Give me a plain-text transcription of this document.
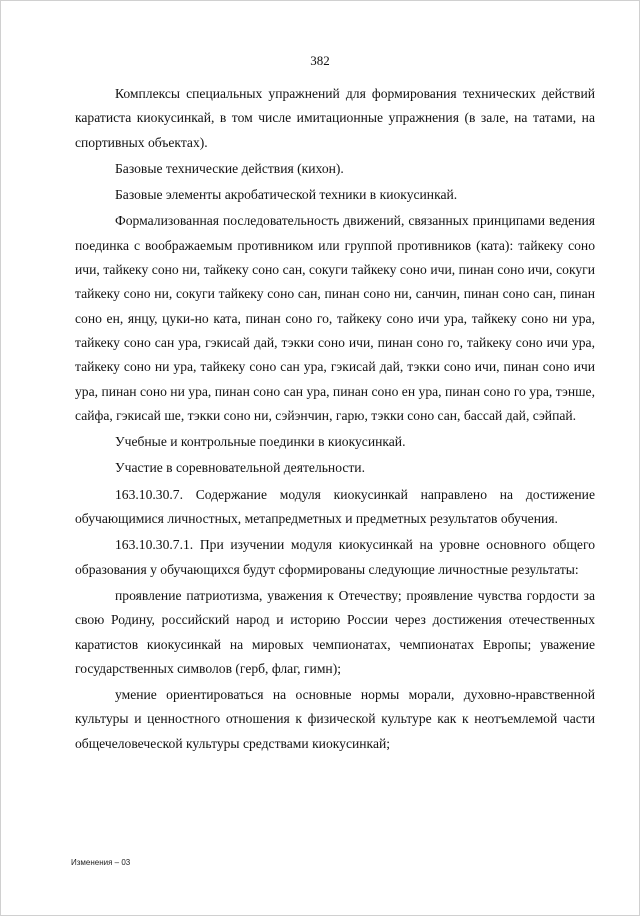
382

Комплексы специальных упражнений для формирования технических действий каратиста киокусинкай, в том числе имитационные упражнения (в зале, на татами, на спортивных объектах).

Базовые технические действия (кихон).

Базовые элементы акробатической техники в киокусинкай.

Формализованная последовательность движений, связанных принципами ведения поединка с воображаемым противником или группой противников (ката): тайкеку соно ичи, тайкеку соно ни, тайкеку соно сан, сокуги тайкеку соно ичи, пинан соно ичи, сокуги тайкеку соно ни, сокуги тайкеку соно сан, пинан соно ни, санчин, пинан соно сан, пинан соно ен, янцу, цуки-но ката, пинан соно го, тайкеку соно ичи ура, тайкеку соно ни ура, тайкеку соно сан ура, гэкисай дай, тэкки соно ичи, пинан соно го, тайкеку соно ичи ура, тайкеку соно ни ура, тайкеку соно сан ура, гэкисай дай, тэкки соно ичи, пинан соно ичи ура, пинан соно ни ура, пинан соно сан ура, пинан соно ен ура, пинан соно го ура, тэнше, сайфа, гэкисай ше, тэкки соно ни, сэйэнчин, гарю, тэкки соно сан, бассай дай, сэйпай.

Учебные и контрольные поединки в киокусинкай.

Участие в соревновательной деятельности.

163.10.30.7. Содержание модуля киокусинкай направлено на достижение обучающимися личностных, метапредметных и предметных результатов обучения.

163.10.30.7.1. При изучении модуля киокусинкай на уровне основного общего образования у обучающихся будут сформированы следующие личностные результаты:

проявление патриотизма, уважения к Отечеству; проявление чувства гордости за свою Родину, российский народ и историю России через достижения отечественных каратистов киокусинкай на мировых чемпионатах, чемпионатах Европы; уважение государственных символов (герб, флаг, гимн);

умение ориентироваться на основные нормы морали, духовно-нравственной культуры и ценностного отношения к физической культуре как к неотъемлемой части общечеловеческой культуры средствами киокусинкай;

Изменения – 03
